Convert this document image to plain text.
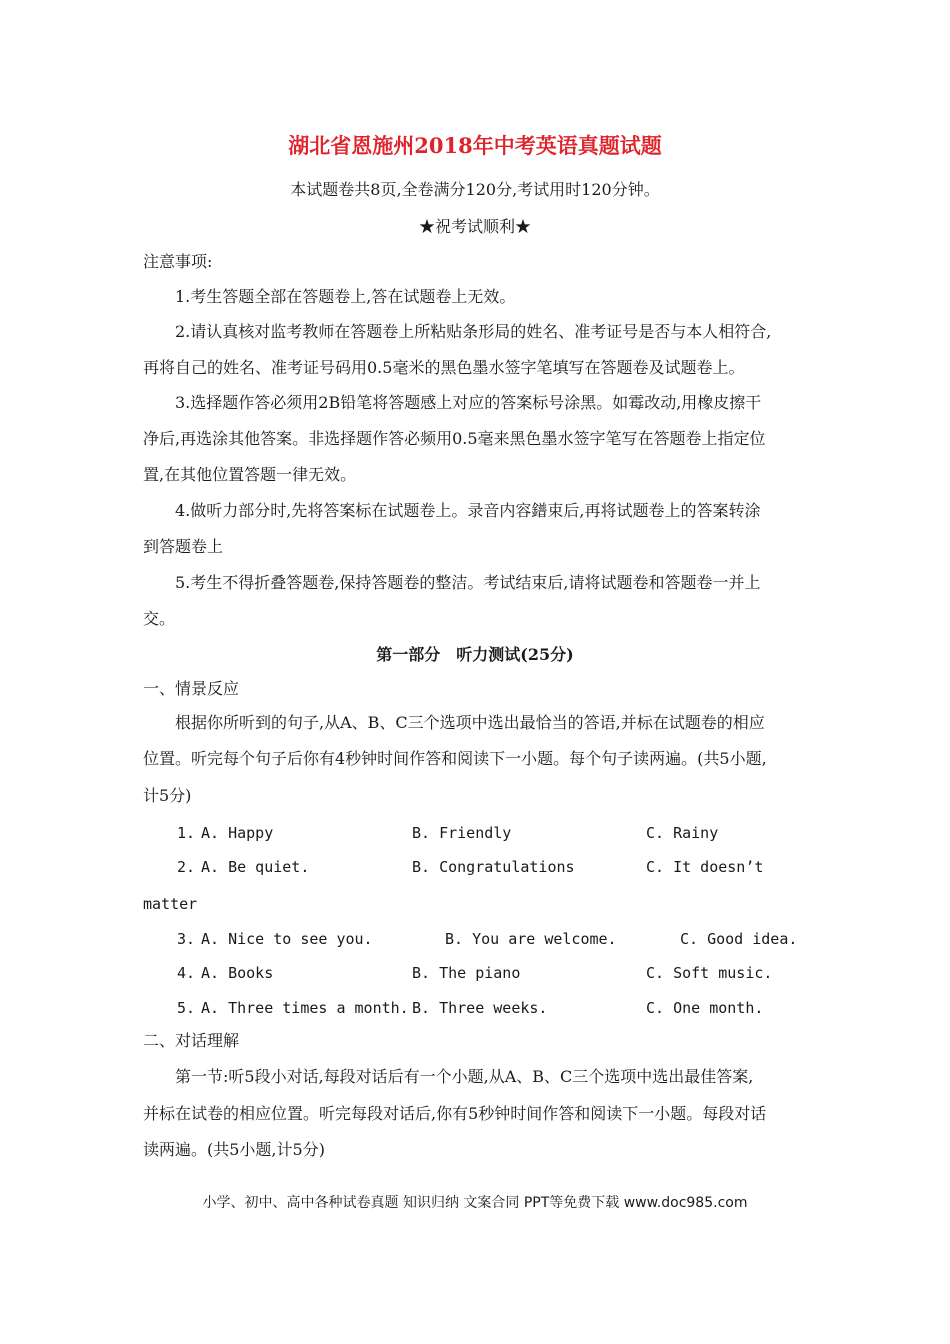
湖北省恩施州2018年中考英语真题试题
本试题卷共8页,全卷满分120分,考试用时120分钟。
★祝考试顺利★
注意事项:
1.考生答题全部在答题卷上,答在试题卷上无效。
2.请认真核对监考教师在答题卷上所粘贴条形局的姓名、准考证号是否与本人相符合,
再将自己的姓名、准考证号码用0.5毫米的黑色墨水签字笔填写在答题卷及试题卷上。
3.选择题作答必须用2B铅笔将答题感上对应的答案标号涂黑。如霉改动,用橡皮擦干
净后,再选涂其他答案。非选择题作答必频用0.5毫来黑色墨水签字笔写在答题卷上指定位
置,在其他位置答题一律无效。
4.做听力部分时,先将答案标在试题卷上。录音内容鐠束后,再将试题卷上的答案转涂
到答题卷上
5.考生不得折叠答题卷,保持答题卷的整洁。考试结束后,请将试题卷和答题卷一并上
交。
第一部分　听力测试(25分)
一、情景反应
根据你所听到的句子,从A、B、C三个选项中选出最恰当的答语,并标在试题卷的相应
位置。听完每个句子后你有4秒钟时间作答和阅读下一小题。每个句子读两遍。(共5小题,
计5分)
1. A. Happy	B. Friendly	C. Rainy
2. A. Be quiet.	B. Congratulations	C. It doesn’t
matter
3. A. Nice to see you.	B. You are welcome.	C. Good idea.
4. A. Books	B. The piano	C. Soft music.
5. A. Three times a month. B. Three weeks.	C. One month.
二、对话理解
第一节:听5段小对话,每段对话后有一个小题,从A、B、C三个选项中选出最佳答案,
并标在试卷的相应位置。听完每段对话后,你有5秒钟时间作答和阅读下一小题。每段对话
读两遍。(共5小题,计5分)
小学、初中、高中各种试卷真题 知识归纳 文案合同 PPT等免费下载 www.doc985.com
